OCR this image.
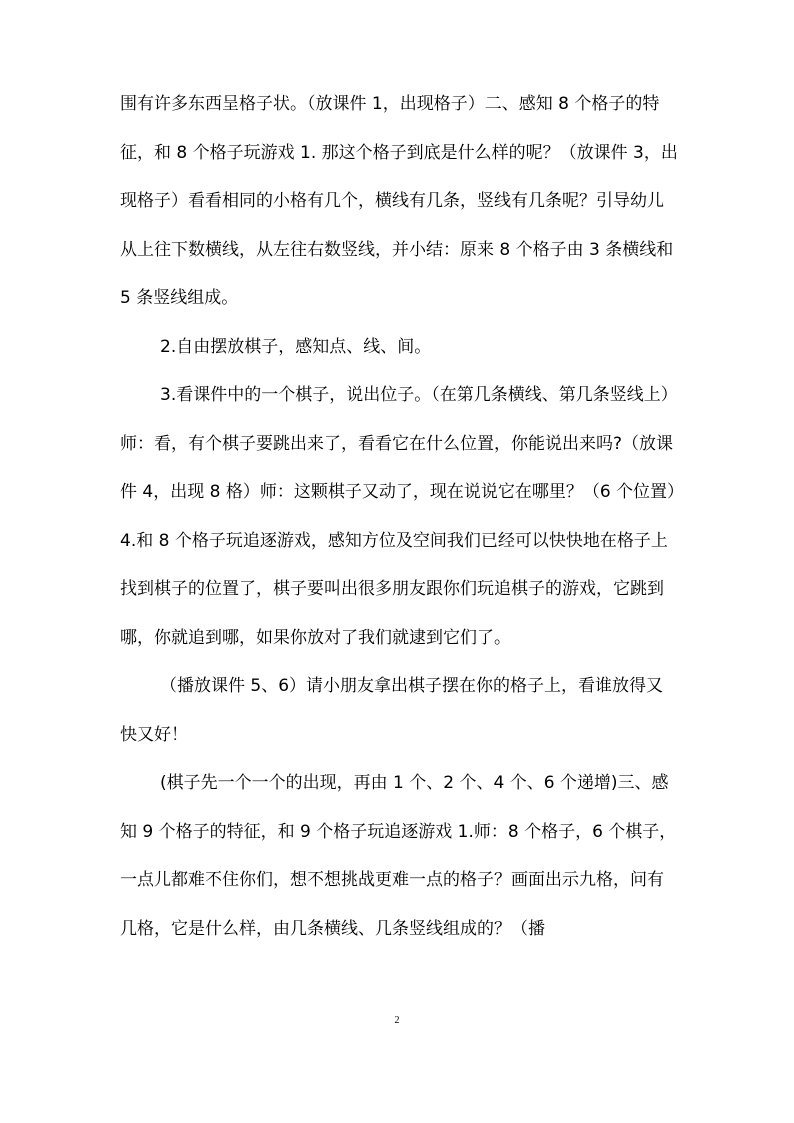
围有许多东西呈格子状。（放课件 1，出现格子）二、感知 8 个格子的特征，和 8 个格子玩游戏 1. 那这个格子到底是什么样的呢？（放课件 3，出现格子）看看相同的小格有几个，横线有几条，竖线有几条呢？引导幼儿从上往下数横线，从左往右数竖线，并小结：原来 8 个格子由 3 条横线和 5 条竖线组成。

2.自由摆放棋子，感知点、线、间。

3.看课件中的一个棋子，说出位子。（在第几条横线、第几条竖线上）师：看，有个棋子要跳出来了，看看它在什么位置，你能说出来吗?（放课件 4，出现 8 格）师：这颗棋子又动了，现在说说它在哪里？（6 个位置）4.和 8 个格子玩追逐游戏，感知方位及空间我们已经可以快快地在格子上找到棋子的位置了，棋子要叫出很多朋友跟你们玩追棋子的游戏，它跳到哪，你就追到哪，如果你放对了我们就逮到它们了。

（播放课件 5、6）请小朋友拿出棋子摆在你的格子上，看谁放得又快又好！

(棋子先一个一个的出现，再由 1 个、2 个、4 个、6 个递增)三、感知 9 个格子的特征，和 9 个格子玩追逐游戏 1.师：8 个格子，6 个棋子，一点儿都难不住你们，想不想挑战更难一点的格子？画面出示九格，问有几格，它是什么样，由几条横线、几条竖线组成的？（播

2
